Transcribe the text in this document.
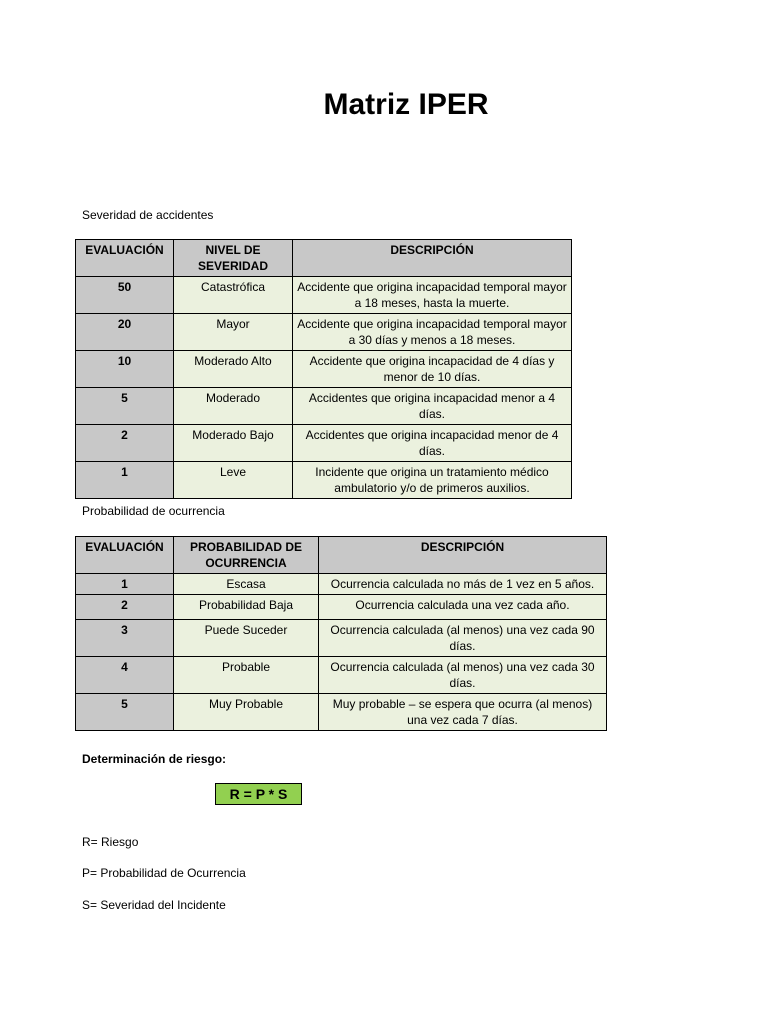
Matriz IPER
Severidad de accidentes
EVALUACIÓN	NIVEL DE SEVERIDAD	DESCRIPCIÓN
50	Catastrófica	Accidente que origina incapacidad temporal mayor a 18 meses, hasta la muerte.
20	Mayor	Accidente que origina incapacidad temporal mayor a 30 días y menos a 18 meses.
10	Moderado Alto	Accidente que origina incapacidad de 4 días y menor de 10 días.
5	Moderado	Accidentes que origina incapacidad menor a 4 días.
2	Moderado Bajo	Accidentes que origina incapacidad menor de 4 días.
1	Leve	Incidente que origina un tratamiento médico ambulatorio y/o de primeros auxilios.
Probabilidad de ocurrencia
EVALUACIÓN	PROBABILIDAD DE OCURRENCIA	DESCRIPCIÓN
1	Escasa	Ocurrencia calculada no más de 1 vez en 5 años.
2	Probabilidad Baja	Ocurrencia calculada una vez cada año.
3	Puede Suceder	Ocurrencia calculada (al menos) una vez cada 90 días.
4	Probable	Ocurrencia calculada (al menos) una vez cada 30 días.
5	Muy Probable	Muy probable – se espera que ocurra (al menos) una vez cada 7 días.
Determinación de riesgo:
R = P * S
R= Riesgo
P= Probabilidad de Ocurrencia
S= Severidad del Incidente
